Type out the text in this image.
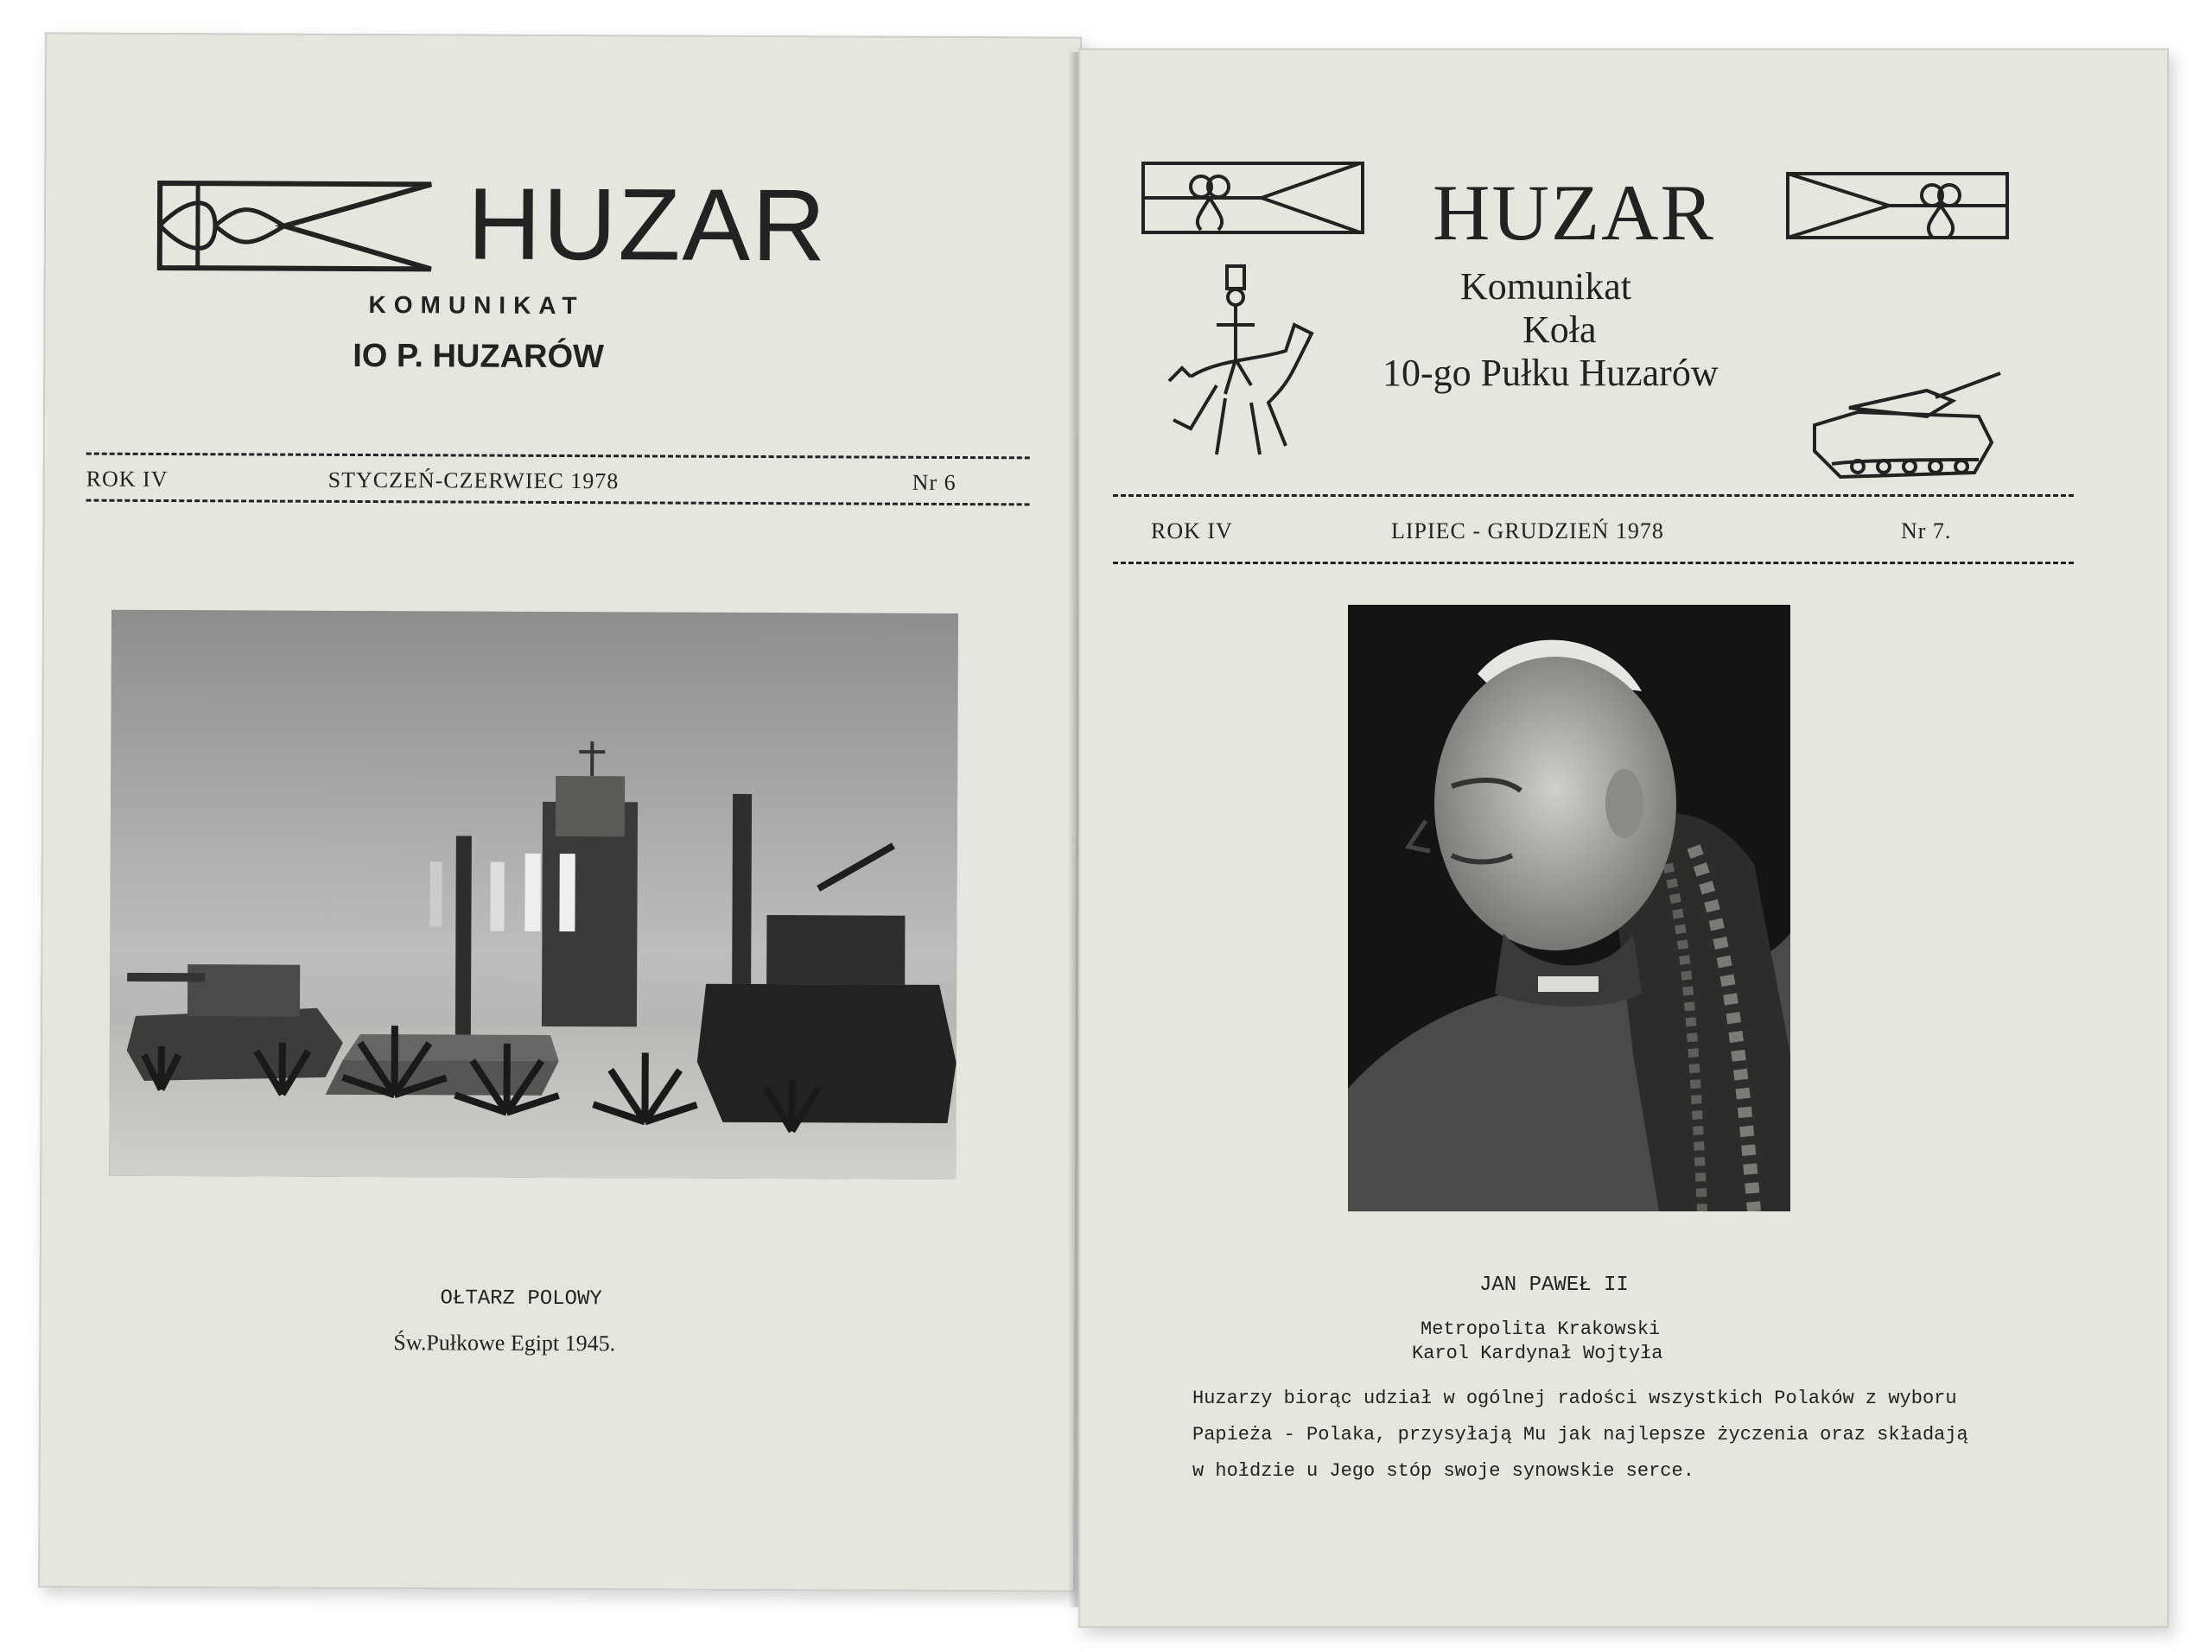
HUZAR
KOMUNIKAT
IO P. HUZARÓW
ROK IV	STYCZEŃ-CZERWIEC 1978	Nr 6
OŁTARZ POLOWY
Św.Pułkowe Egipt 1945.
HUZAR
Komunikat
Koła
10-go Pułku Huzarów
ROK IV	LIPIEC - GRUDZIEŃ 1978	Nr 7.
JAN PAWEŁ II
Metropolita Krakowski
Karol Kardynał Wojtyła
Huzarzy biorąc udział w ogólnej radości wszystkich Polaków z wyboru
Papieża - Polaka, przysyłają Mu jak najlepsze życzenia oraz składają
w hołdzie u Jego stóp swoje synowskie serce.
